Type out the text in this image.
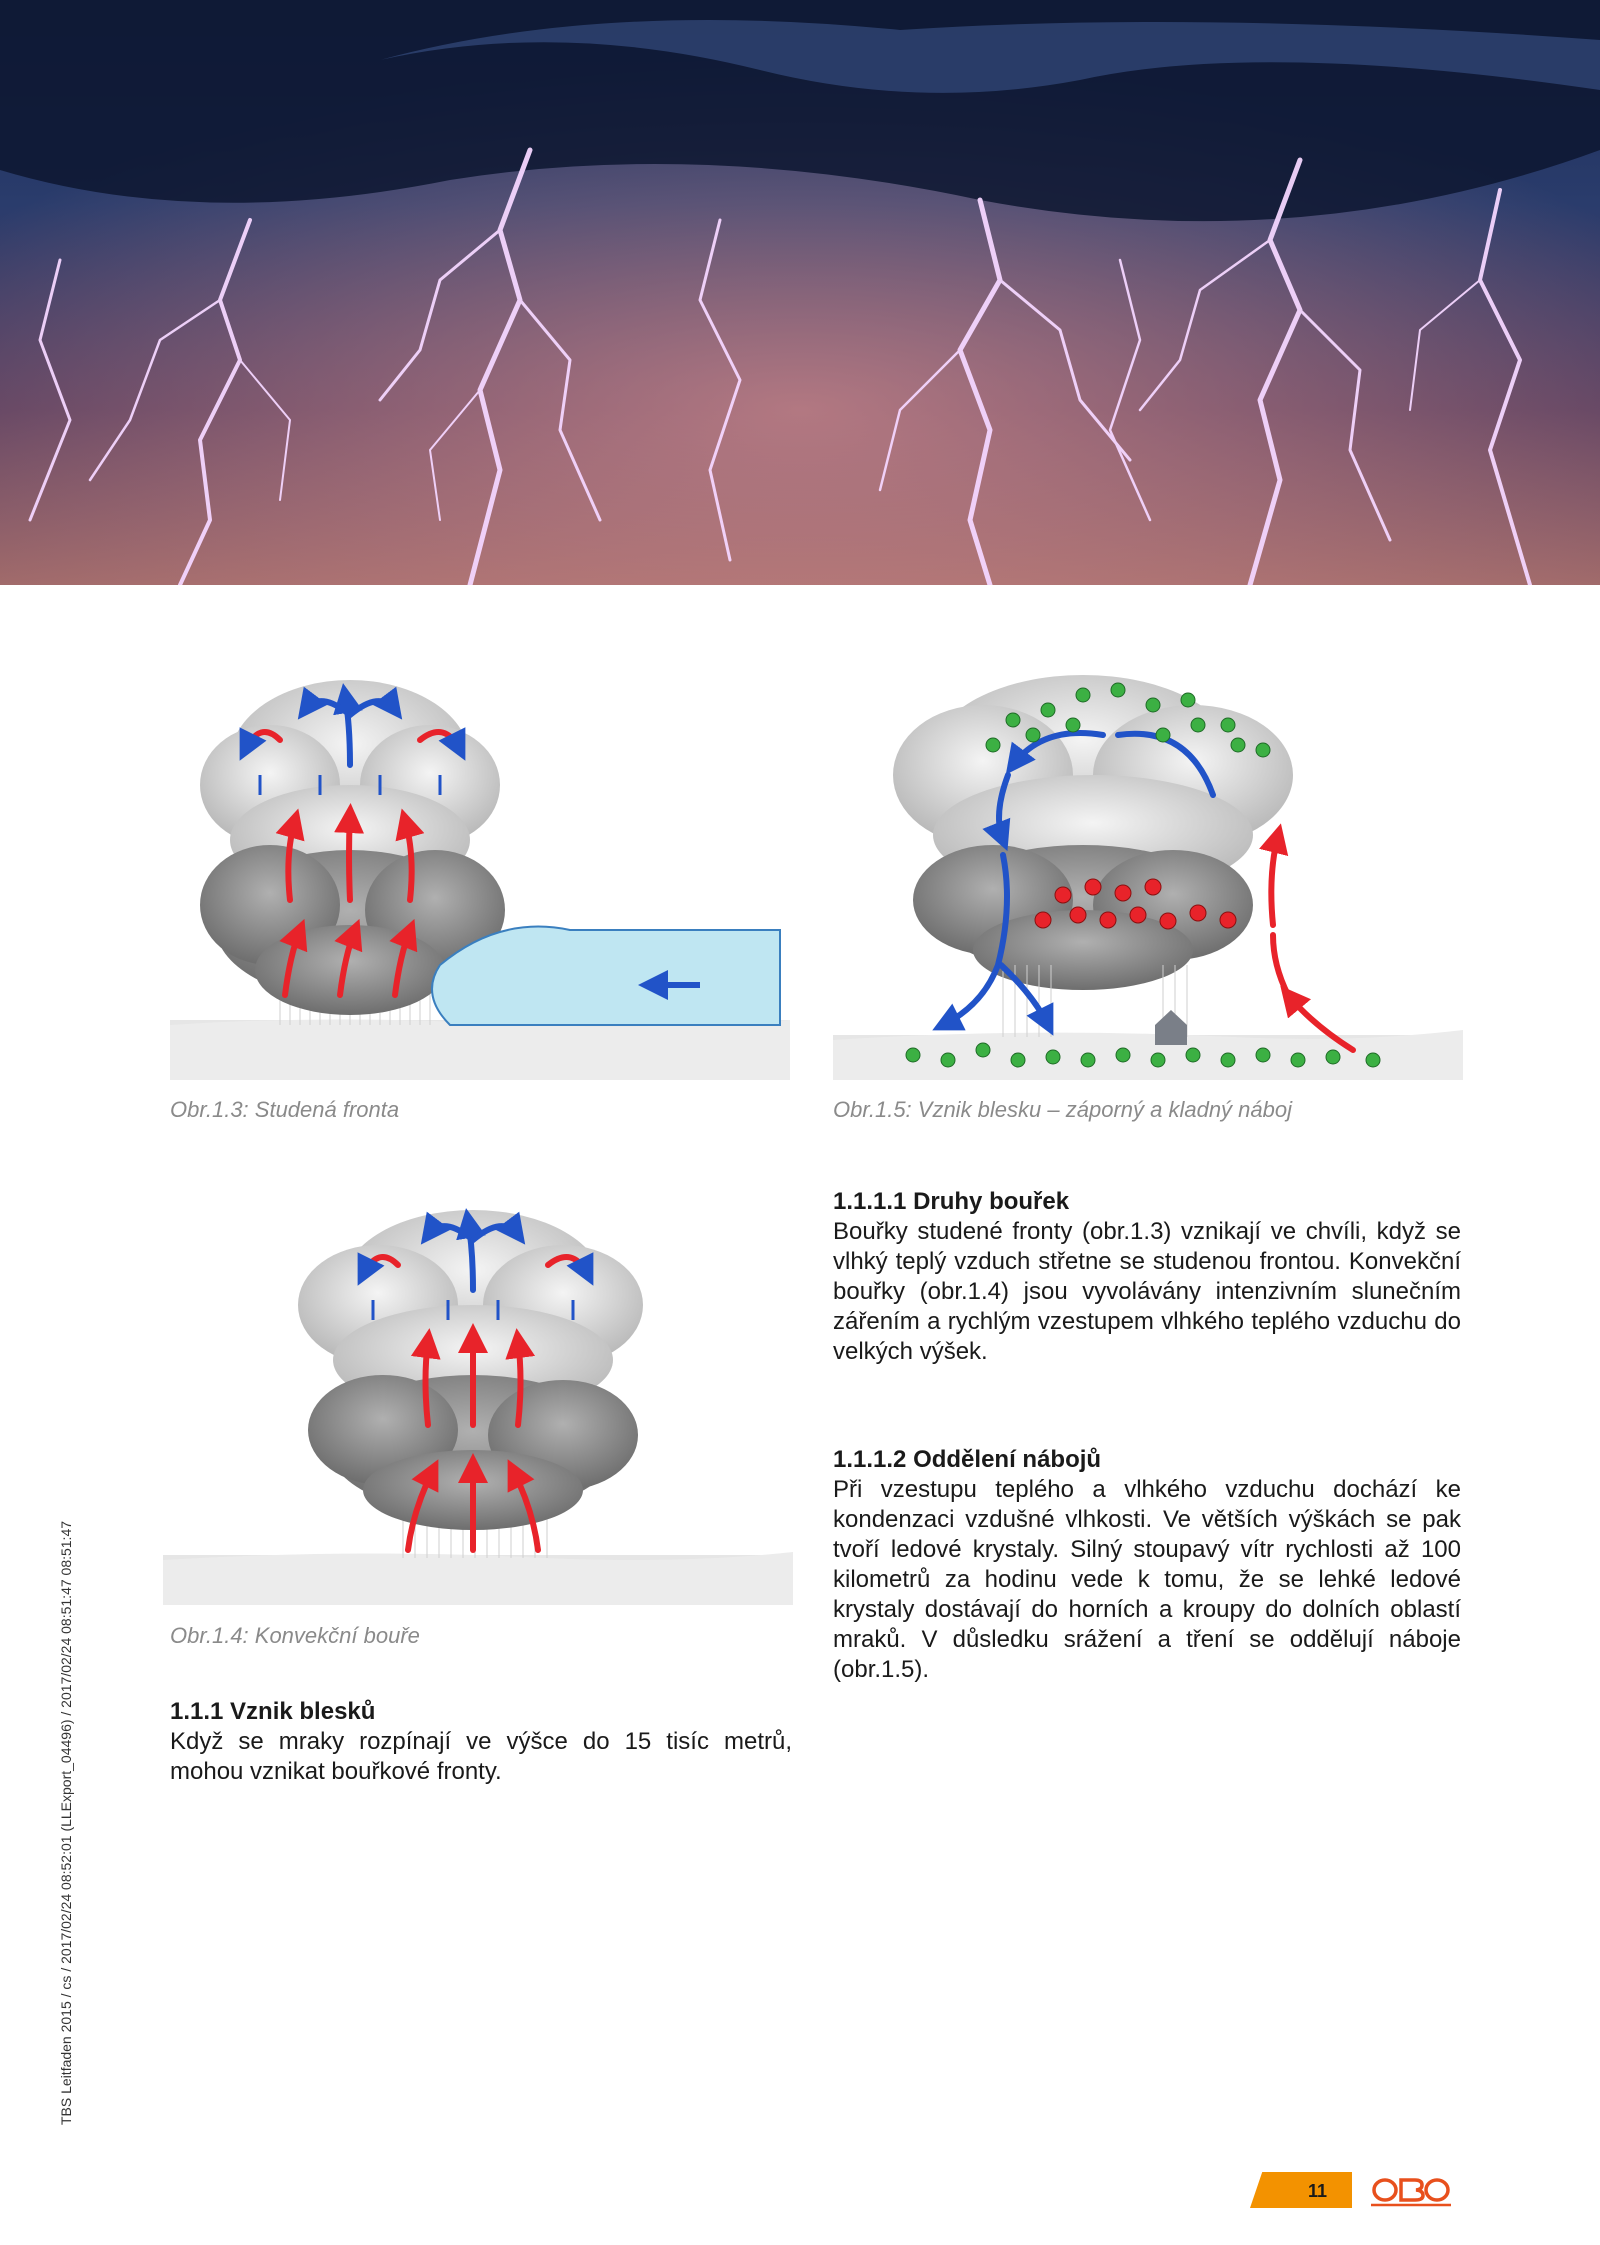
Obr.1.3: Studená fronta	Obr.1.5: Vznik blesku – záporný a kladný náboj
Obr.1.4: Konvekční bouře
1.1.1.1 Druhy bouřek

Bouřky studené fronty (obr.1.3) vznikají ve chvíli, když se vlhký teplý vzduch střetne se studenou frontou. Konvekční bouřky (obr.1.4) jsou vyvolávány intenzivním slunečním zářením a rychlým vzestupem vlhkého teplého vzduchu do velkých výšek.

1.1.1.2 Oddělení nábojů

Při vzestupu teplého a vlhkého vzduchu dochází ke kondenzaci vzdušné vlhkosti. Ve větších výškách se pak tvoří ledové krystaly. Silný stoupavý vítr rychlosti až 100 kilometrů za hodinu vede k tomu, že se lehké ledové krystaly dostávají do horních a kroupy do dolních oblastí mraků. V důsledku srážení a tření se oddělují náboje (obr.1.5).

1.1.1 Vznik blesků

Když se mraky rozpínají ve výšce do 15 tisíc metrů, mohou vznikat bouřkové fronty.

TBS Leitfaden 2015 / cs / 2017/02/24 08:52:01 (LLExport_04496) / 2017/02/24 08:51:47 08:51:47
11
